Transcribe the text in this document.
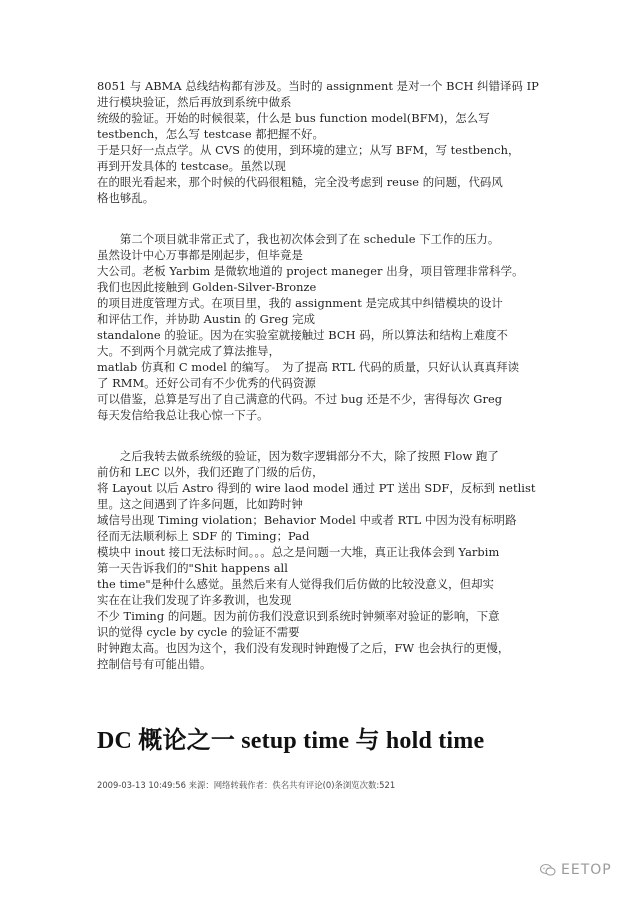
8051 与 ABMA 总线结构都有涉及。当时的 assignment 是对一个 BCH 纠错译码 IP
进行模块验证，然后再放到系统中做系
统级的验证。开始的时候很菜，什么是 bus function model(BFM)，怎么写
testbench，怎么写 testcase 都把握不好。
于是只好一点点学。从 CVS 的使用，到环境的建立；从写 BFM，写 testbench，
再到开发具体的 testcase。虽然以现
在的眼光看起来，那个时候的代码很粗糙，完全没考虑到 reuse 的问题，代码风
格也够乱。
　　第二个项目就非常正式了，我也初次体会到了在 schedule 下工作的压力。
虽然设计中心万事都是刚起步，但毕竟是
大公司。老板 Yarbim 是微软地道的 project maneger 出身，项目管理非常科学。
我们也因此接触到 Golden-Silver-Bronze
的项目进度管理方式。在项目里，我的 assignment 是完成其中纠错模块的设计
和评估工作，并协助 Austin 的 Greg 完成
standalone 的验证。因为在实验室就接触过 BCH 码，所以算法和结构上难度不
大。不到两个月就完成了算法推导，
matlab 仿真和 C model 的编写。　为了提高 RTL 代码的质量，只好认认真真拜读
了 RMM。还好公司有不少优秀的代码资源
可以借鉴，总算是写出了自己满意的代码。不过 bug 还是不少，害得每次 Greg
每天发信给我总让我心惊一下子。
　　之后我转去做系统级的验证，因为数字逻辑部分不大，除了按照 Flow 跑了
前仿和 LEC 以外，我们还跑了门级的后仿，
将 Layout 以后 Astro 得到的 wire laod model 通过 PT 送出 SDF，反标到 netlist
里。这之间遇到了许多问题，比如跨时钟
域信号出现 Timing violation；Behavior Model 中或者 RTL 中因为没有标明路
径而无法顺利标上 SDF 的 Timing；Pad
模块中 inout 接口无法标时间。。。总之是问题一大堆，真正让我体会到 Yarbim
第一天告诉我们的"Shit happens all
the time"是种什么感觉。虽然后来有人觉得我们后仿做的比较没意义，但却实
实在在让我们发现了许多教训，也发现
不少 Timing 的问题。因为前仿我们没意识到系统时钟频率对验证的影响，下意
识的觉得 cycle by cycle 的验证不需要
时钟跑太高。也因为这个，我们没有发现时钟跑慢了之后，FW 也会执行的更慢，
控制信号有可能出错。
DC 概论之一 setup time 与 hold time
2009-03-13 10:49:56 来源：网络转载作者：佚名共有评论(0)条浏览次数:521
EETOP
